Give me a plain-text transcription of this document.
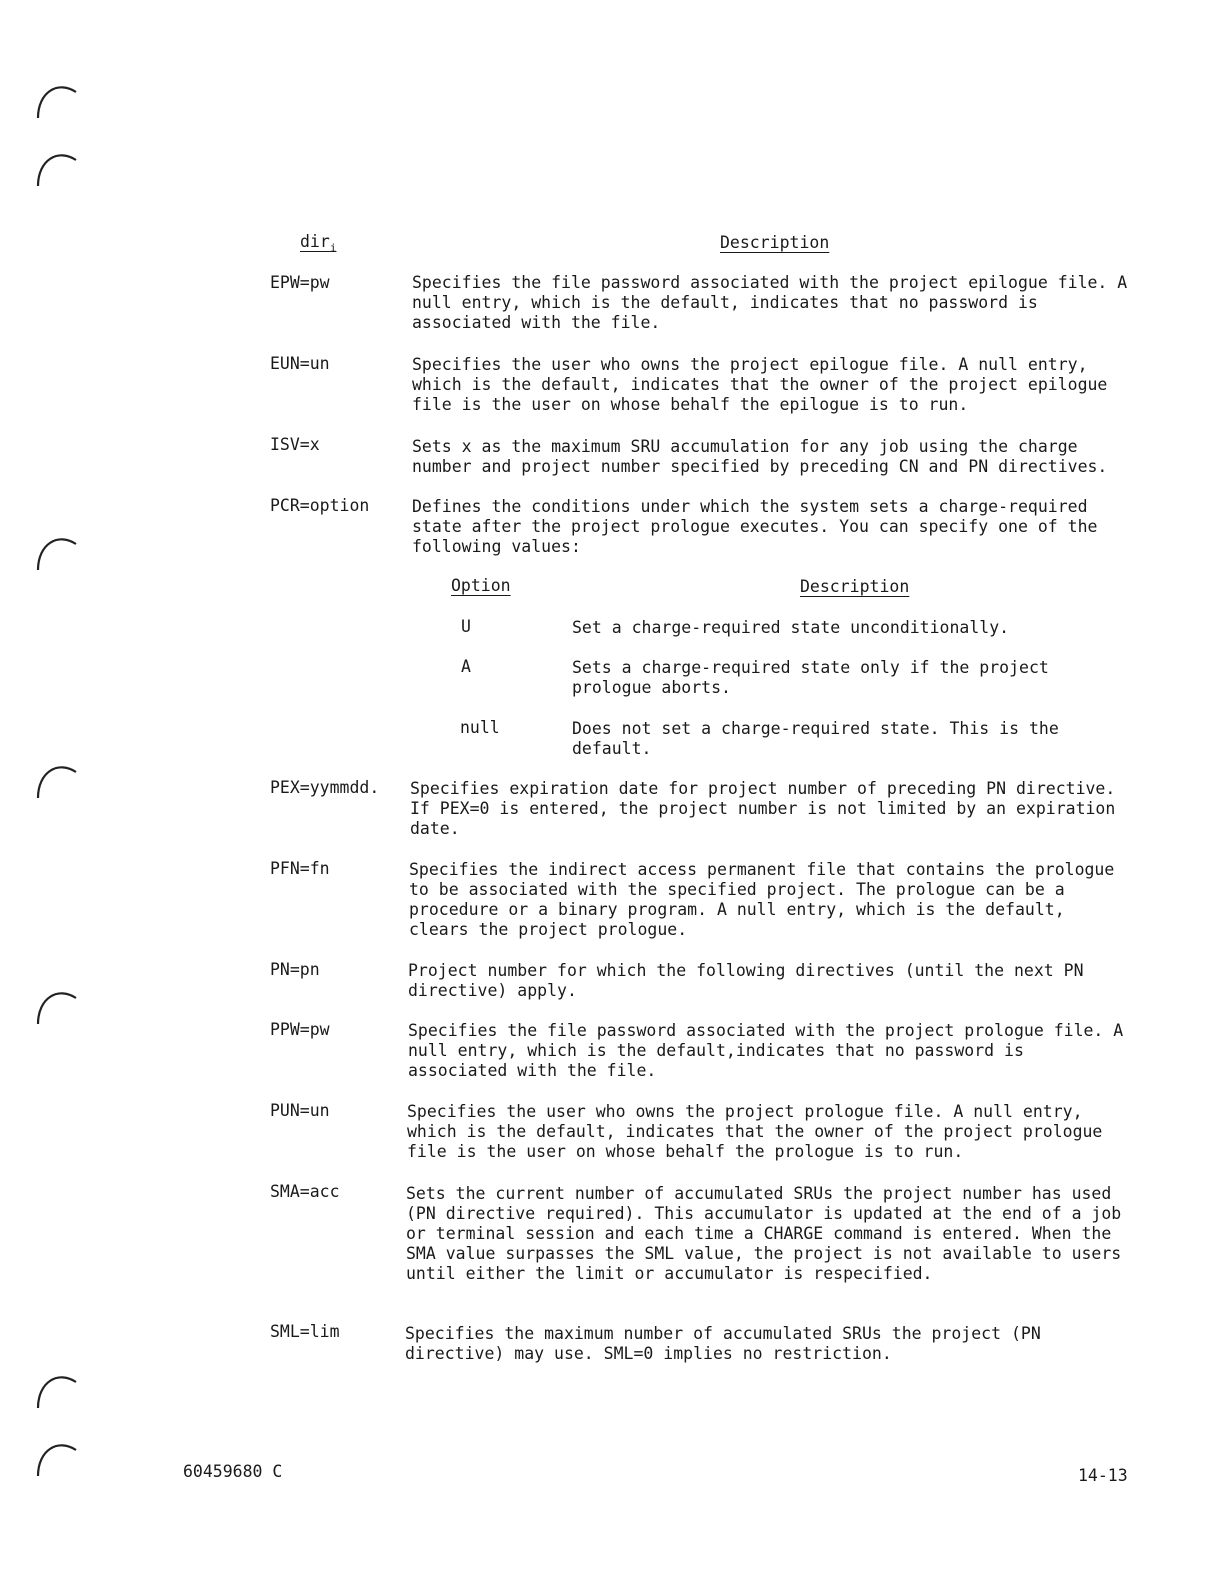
dir$_i$	Description
EPW=pw	Specifies the file password associated with the project epilogue file. A null entry, which is the default, indicates that no password is associated with the file.
EUN=un	Specifies the user who owns the project epilogue file. A null entry, which is the default, indicates that the owner of the project epilogue file is the user on whose behalf the epilogue is to run.
ISV=x	Sets x as the maximum SRU accumulation for any job using the charge number and project number specified by preceding CN and PN directives.
PCR=option	Defines the conditions under which the system sets a charge-required state after the project prologue executes. You can specify one of the following values:
Option	Description
U	Set a charge-required state unconditionally.
A	Sets a charge-required state only if the project prologue aborts.
null	Does not set a charge-required state. This is the default.
PEX=yymmdd.	Specifies expiration date for project number of preceding PN directive. If PEX=0 is entered, the project number is not limited by an expiration date.
PFN=fn	Specifies the indirect access permanent file that contains the prologue to be associated with the specified project. The prologue can be a procedure or a binary program. A null entry, which is the default, clears the project prologue.
PN=pn	Project number for which the following directives (until the next PN directive) apply.
PPW=pw	Specifies the file password associated with the project prologue file. A null entry, which is the default,indicates that no password is associated with the file.
PUN=un	Specifies the user who owns the project prologue file. A null entry, which is the default, indicates that the owner of the project prologue file is the user on whose behalf the prologue is to run.
SMA=acc	Sets the current number of accumulated SRUs the project number has used (PN directive required). This accumulator is updated at the end of a job or terminal session and each time a CHARGE command is entered. When the SMA value surpasses the SML value, the project is not available to users until either the limit or accumulator is respecified.
SML=lim	Specifies the maximum number of accumulated SRUs the project (PN directive) may use. SML=0 implies no restriction.
60459680 C	14-13
